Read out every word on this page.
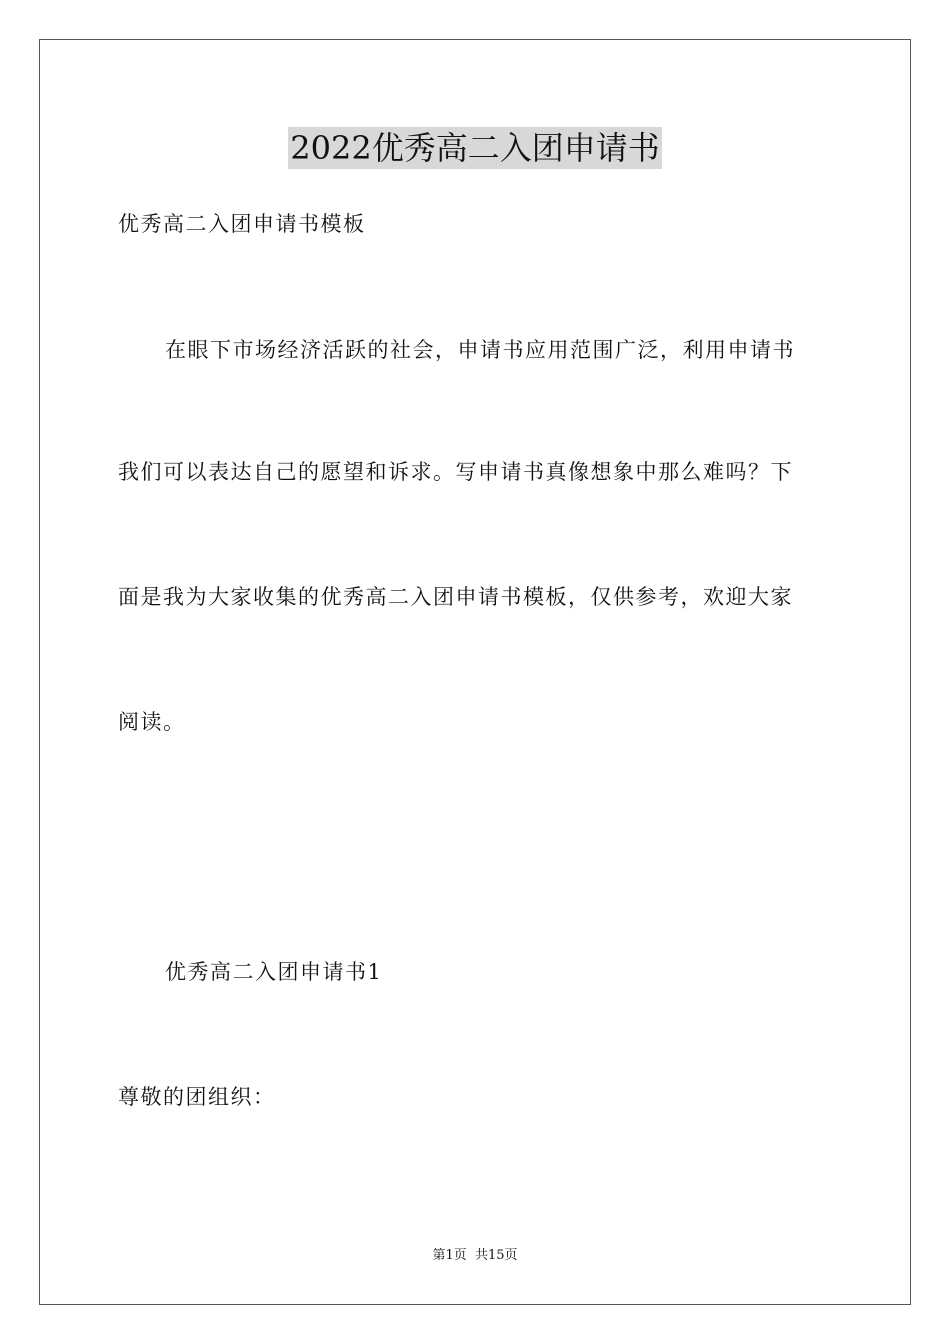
2022优秀高二入团申请书
优秀高二入团申请书模板
在眼下市场经济活跃的社会，申请书应用范围广泛，利用申请书
我们可以表达自己的愿望和诉求。写申请书真像想象中那么难吗？下
面是我为大家收集的优秀高二入团申请书模板，仅供参考，欢迎大家
阅读。
优秀高二入团申请书1
尊敬的团组织：
第1页 共15页
